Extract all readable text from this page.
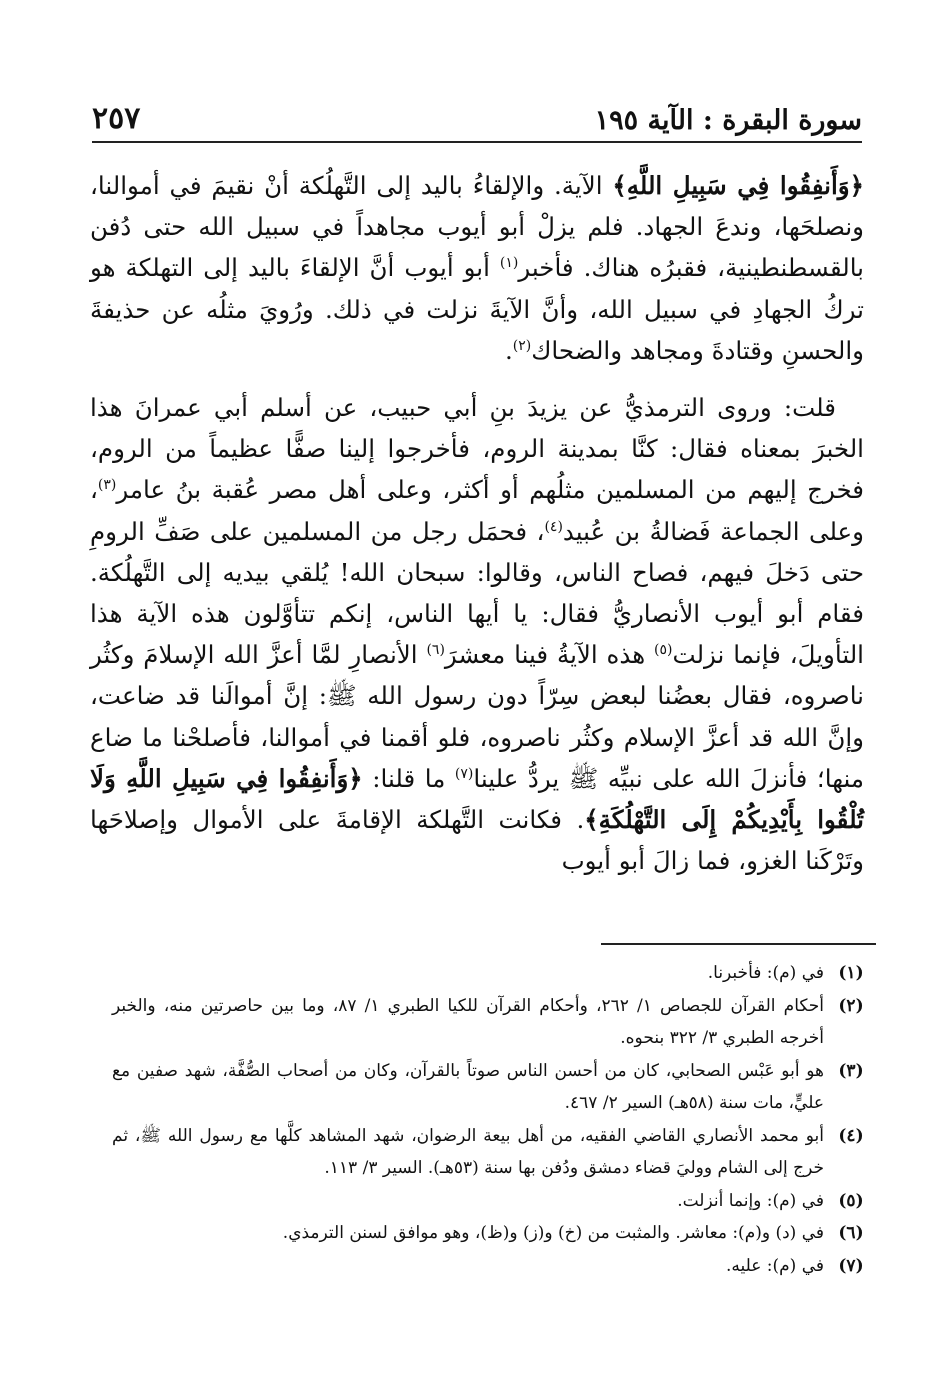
سورة البقرة : الآية ١٩٥
٢٥٧

﴿وَأَنفِقُوا فِي سَبِيلِ اللَّهِ﴾ الآية. والإلقاءُ باليد إلى التَّهلُكة أنْ نقيمَ في أموالنا، ونصلحَها، وندعَ الجهاد. فلم يزلْ أبو أيوب مجاهداً في سبيل الله حتى دُفن بالقسطنطينية، فقبرُه هناك. فأخبر$^{(١)}$ أبو أيوب أنَّ الإلقاءَ باليد إلى التهلكة هو تركُ الجهادِ في سبيل الله، وأنَّ الآيةَ نزلت في ذلك. ورُويَ مثلُه عن حذيفةَ والحسنِ وقتادةَ ومجاهد والضحاك$^{(٢)}$.

قلت: وروى الترمذيُّ عن يزيدَ بنِ أبي حبيب، عن أسلم أبي عمرانَ هذا الخبرَ بمعناه فقال: كنَّا بمدينة الروم، فأخرجوا إلينا صفًّا عظيماً من الروم، فخرج إليهم من المسلمين مثلُهم أو أكثر، وعلى أهل مصر عُقبة بنُ عامر$^{(٣)}$، وعلى الجماعة فَضالةُ بن عُبيد$^{(٤)}$، فحمَل رجل من المسلمين على صَفِّ الرومِ حتى دَخلَ فيهم، فصاح الناس، وقالوا: سبحان الله! يُلقي بيديه إلى التَّهلُكة. فقام أبو أيوب الأنصاريُّ فقال: يا أيها الناس، إنكم تتأوَّلون هذه الآية هذا التأويلَ، فإنما نزلت$^{(٥)}$ هذه الآيةُ فينا معشرَ$^{(٦)}$ الأنصارِ لمَّا أعزَّ الله الإسلامَ وكثُر ناصروه، فقال بعضُنا لبعض سِرّاً دون رسول الله ﷺ: إنَّ أموالَنا قد ضاعت، وإنَّ الله قد أعزَّ الإسلام وكثُر ناصروه، فلو أقمنا في أموالنا، فأصلحْنا ما ضاع منها؛ فأنزلَ الله على نبيِّه ﷺ يردُّ علينا$^{(٧)}$ ما قلنا: ﴿وَأَنفِقُوا فِي سَبِيلِ اللَّهِ وَلَا تُلْقُوا بِأَيْدِيكُمْ إِلَى التَّهْلُكَةِ﴾. فكانت التَّهلكة الإقامةَ على الأموال وإصلاحَها وتَرْكَنا الغزو، فما زالَ أبو أيوب

(١)
في (م): فأخبرنا.
(٢)
أحكام القرآن للجصاص ١/ ٢٦٢، وأحكام القرآن للكيا الطبري ١/ ٨٧، وما بين حاصرتين منه، والخبر أخرجه الطبري ٣/ ٣٢٢ بنحوه.
(٣)
هو أبو عَبْس الصحابي، كان من أحسن الناس صوتاً بالقرآن، وكان من أصحاب الصُّفَّة، شهد صفين مع عليٍّ، مات سنة (٥٨هـ) السير ٢/ ٤٦٧.
(٤)
أبو محمد الأنصاري القاضي الفقيه، من أهل بيعة الرضوان، شهد المشاهد كلَّها مع رسول الله ﷺ، ثم خرج إلى الشام ووليَ قضاء دمشق ودُفن بها سنة (٥٣هـ). السير ٣/ ١١٣.
(٥)
في (م): وإنما أنزلت.
(٦)
في (د) و(م): معاشر. والمثبت من (خ) و(ز) و(ظ)، وهو موافق لسنن الترمذي.
(٧)
في (م): عليه.
